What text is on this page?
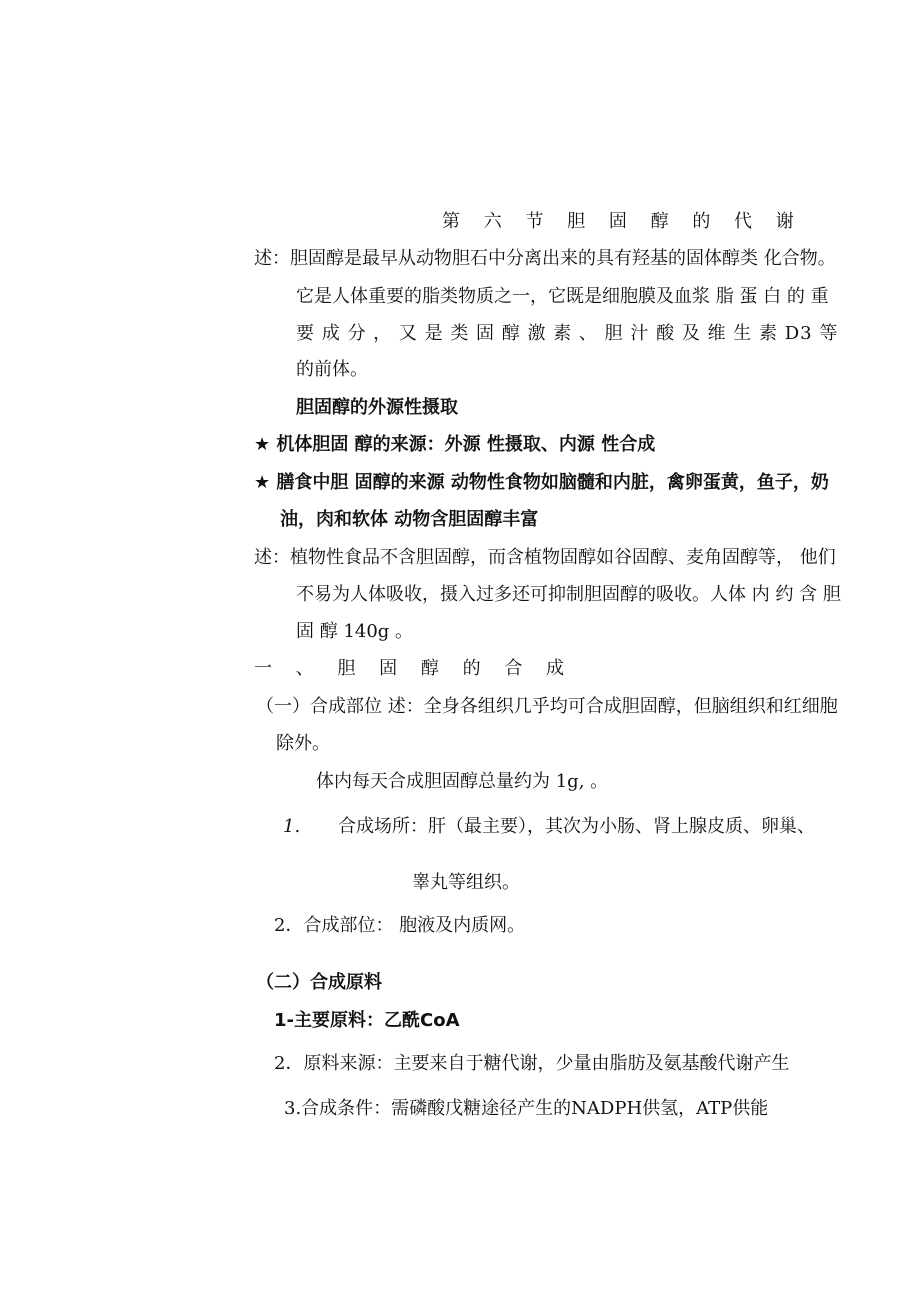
第 六 节 胆 固 醇 的 代 谢
述：胆固醇是最早从动物胆石中分离出来的具有羟基的固体醇类 化合物。
它是人体重要的脂类物质之一，它既是细胞膜及血浆 脂 蛋 白 的 重
要 成 分 ， 又 是 类 固 醇 激 素 、 胆 汁 酸 及 维 生 素 D3 等
的前体。
胆固醇的外源性摄取
★ 机体胆固 醇的来源：外源 性摄取、内源 性合成
★ 膳食中胆 固醇的来源 动物性食物如脑髓和内脏，禽卵蛋黄，鱼子，奶
油，肉和软体 动物含胆固醇丰富
述：植物性食品不含胆固醇，而含植物固醇如谷固醇、麦角固醇等， 他们
不易为人体吸收，摄入过多还可抑制胆固醇的吸收。人体 内 约 含 胆
固 醇 140g 。
一 、 胆 固 醇 的 合 成
（一）合成部位 述：全身各组织几乎均可合成胆固醇，但脑组织和红细胞
除外。
体内每天合成胆固醇总量约为 1g, 。
1. 合成场所：肝（最主要），其次为小肠、肾上腺皮质、卵巢、
睾丸等组织。
2．合成部位： 胞液及内质网。
（二）合成原料
1-主要原料：乙酰CoA
2．原料来源：主要来自于糖代谢，少量由脂肪及氨基酸代谢产生
3.合成条件：需磷酸戊糖途径产生的NADPH供氢，ATP供能
